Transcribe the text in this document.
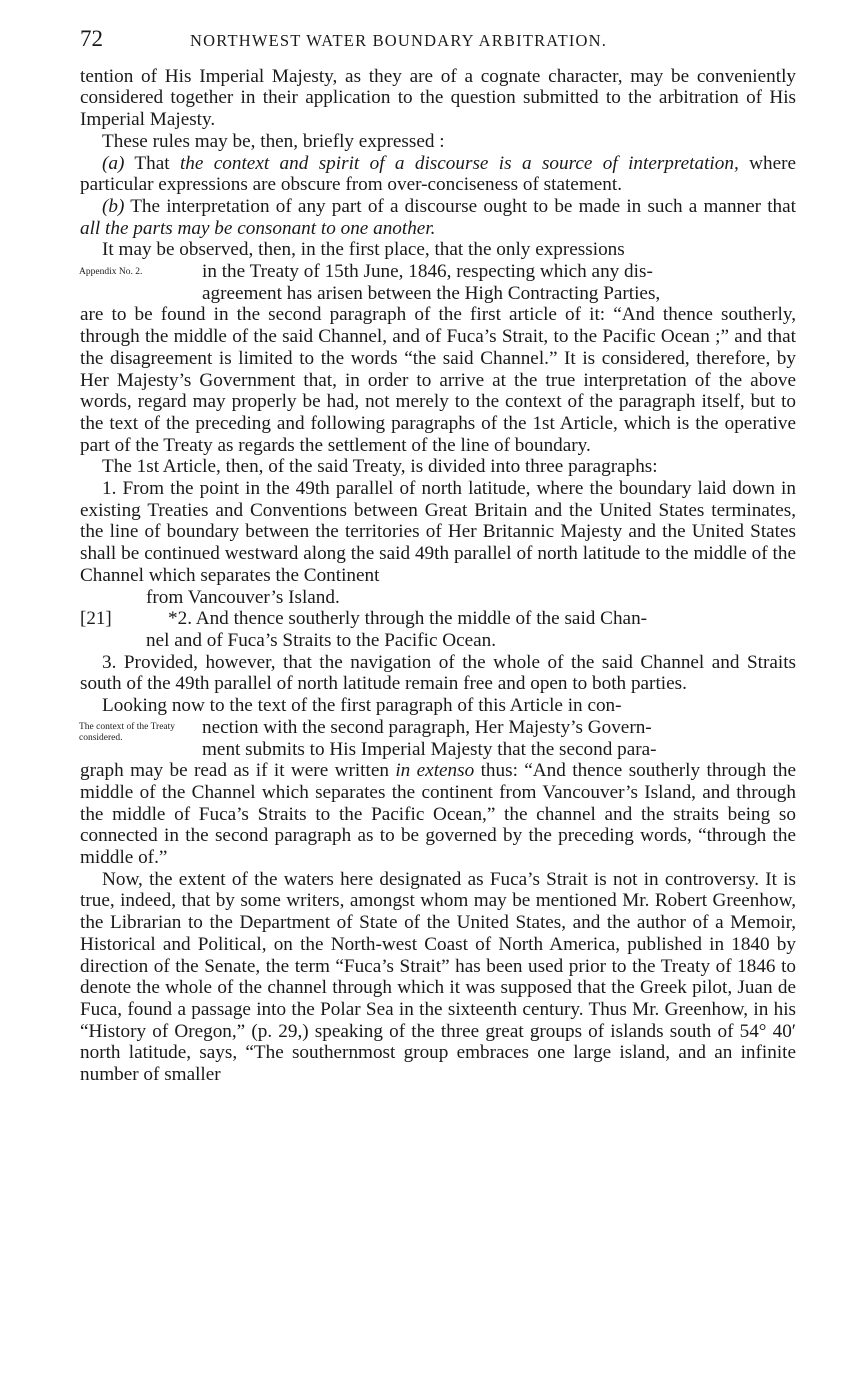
72	NORTHWEST WATER BOUNDARY ARBITRATION.

tention of His Imperial Majesty, as they are of a cognate character, may be conveniently considered together in their application to the question submitted to the arbitration of His Imperial Majesty.

These rules may be, then, briefly expressed :

(a) That the context and spirit of a discourse is a source of interpretation, where particular expressions are obscure from over-conciseness of statement.

(b) The interpretation of any part of a discourse ought to be made in such a manner that all the parts may be consonant to one another.

Appendix No. 2.

It may be observed, then, in the first place, that the only expressions

in the Treaty of 15th June, 1846, respecting which any dis-

agreement has arisen between the High Contracting Parties,

are to be found in the second paragraph of the first article of it: “And thence southerly, through the middle of the said Channel, and of Fuca’s Strait, to the Pacific Ocean ;” and that the disagreement is limited to the words “the said Channel.” It is considered, therefore, by Her Majesty’s Government that, in order to arrive at the true interpretation of the above words, regard may properly be had, not merely to the context of the paragraph itself, but to the text of the preceding and following paragraphs of the 1st Article, which is the operative part of the Treaty as regards the settlement of the line of boundary.

The 1st Article, then, of the said Treaty, is divided into three paragraphs:

1. From the point in the 49th parallel of north latitude, where the boundary laid down in existing Treaties and Conventions between Great Britain and the United States terminates, the line of boundary between the territories of Her Britannic Majesty and the United States shall be continued westward along the said 49th parallel of north latitude to the middle of the Channel which separates the Continent

from Vancouver’s Island.

[21]	*2. And thence southerly through the middle of the said Chan-

nel and of Fuca’s Straits to the Pacific Ocean.

3. Provided, however, that the navigation of the whole of the said Channel and Straits south of the 49th parallel of north latitude remain free and open to both parties.

The context of the Treaty considered.

Looking now to the text of the first paragraph of this Article in con-

nection with the second paragraph, Her Majesty’s Govern-

ment submits to His Imperial Majesty that the second para-

graph may be read as if it were written in extenso thus: “And thence southerly through the middle of the Channel which separates the continent from Vancouver’s Island, and through the middle of Fuca’s Straits to the Pacific Ocean,” the channel and the straits being so connected in the second paragraph as to be governed by the preceding words, “through the middle of.”

Now, the extent of the waters here designated as Fuca’s Strait is not in controversy. It is true, indeed, that by some writers, amongst whom may be mentioned Mr. Robert Greenhow, the Librarian to the Department of State of the United States, and the author of a Memoir, Historical and Political, on the North-west Coast of North America, published in 1840 by direction of the Senate, the term “Fuca’s Strait” has been used prior to the Treaty of 1846 to denote the whole of the channel through which it was supposed that the Greek pilot, Juan de Fuca, found a passage into the Polar Sea in the sixteenth century. Thus Mr. Greenhow, in his “History of Oregon,” (p. 29,) speaking of the three great groups of islands south of 54° 40′ north latitude, says, “The southernmost group embraces one large island, and an infinite number of smaller
